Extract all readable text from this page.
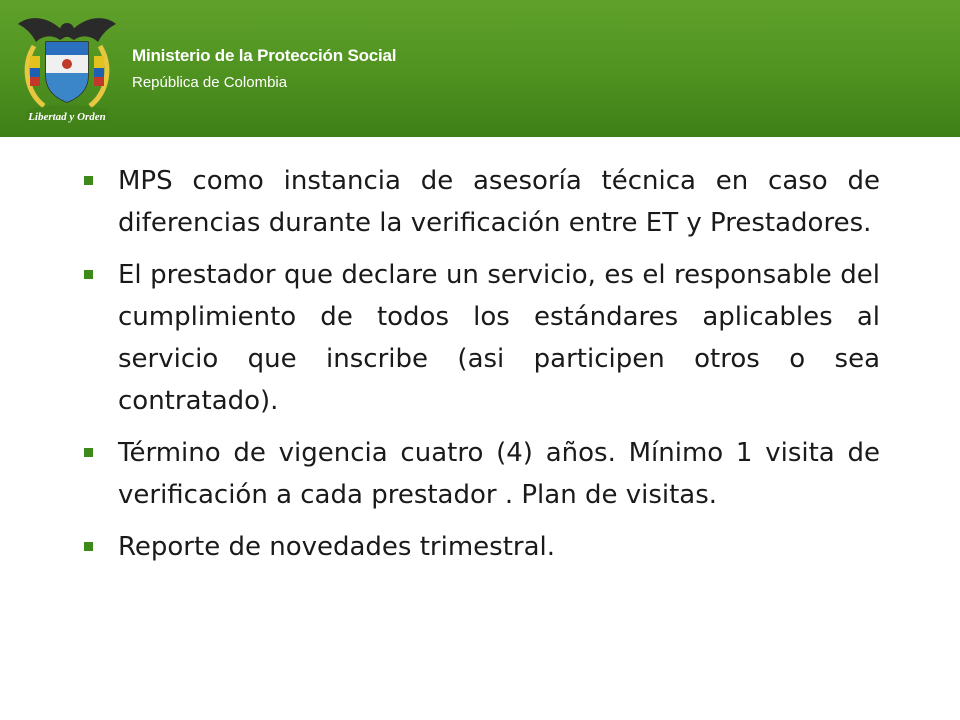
Libertad y Orden
Ministerio de la Protección Social
República de Colombia
MPS como instancia de asesoría técnica en caso de diferencias durante la verificación entre ET y Prestadores.
El prestador que declare un servicio, es el responsable del cumplimiento de todos los estándares aplicables al servicio que inscribe (asi participen otros o sea contratado).
Término de vigencia cuatro (4) años. Mínimo 1 visita de verificación a cada prestador . Plan de visitas.
Reporte de novedades trimestral.
